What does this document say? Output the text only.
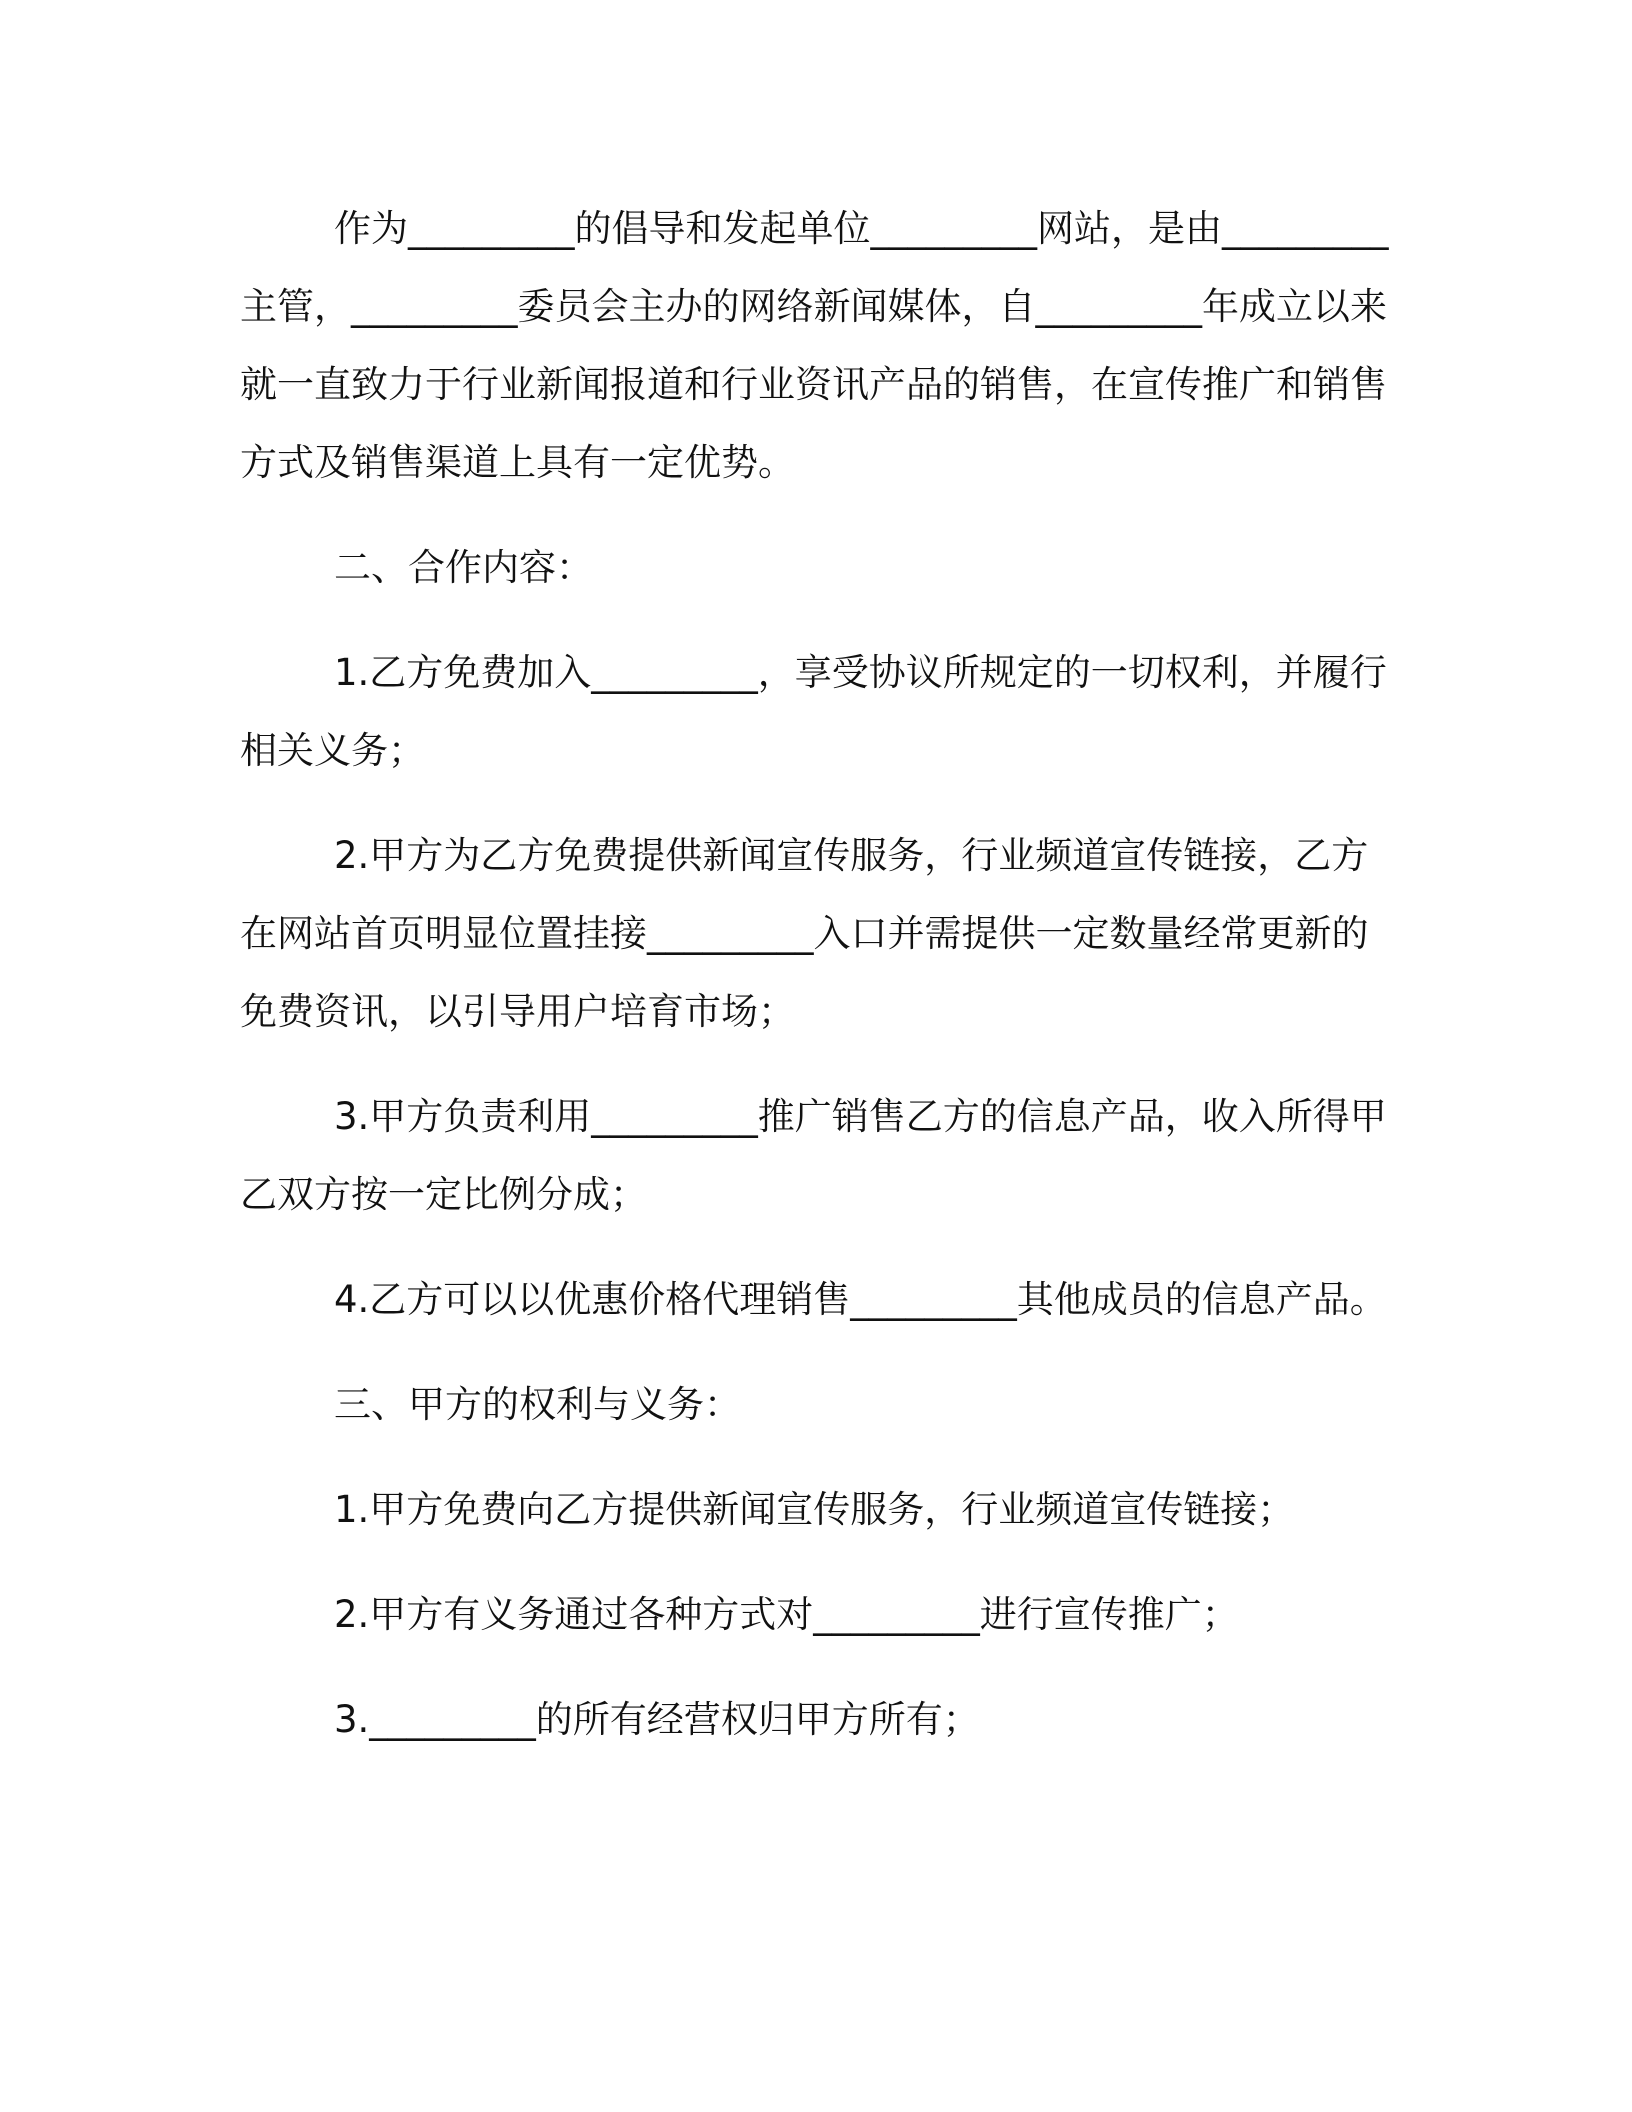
作为_________的倡导和发起单位_________网站，是由_________主管，_________委员会主办的网络新闻媒体，自_________年成立以来就一直致力于行业新闻报道和行业资讯产品的销售，在宣传推广和销售方式及销售渠道上具有一定优势。

二、合作内容：

1.乙方免费加入_________，享受协议所规定的一切权利，并履行相关义务；

2.甲方为乙方免费提供新闻宣传服务，行业频道宣传链接，乙方在网站首页明显位置挂接_________入口并需提供一定数量经常更新的免费资讯，以引导用户培育市场；

3.甲方负责利用_________推广销售乙方的信息产品，收入所得甲乙双方按一定比例分成；

4.乙方可以以优惠价格代理销售_________其他成员的信息产品。

三、甲方的权利与义务：

1.甲方免费向乙方提供新闻宣传服务，行业频道宣传链接；

2.甲方有义务通过各种方式对_________进行宣传推广；

3._________的所有经营权归甲方所有；
